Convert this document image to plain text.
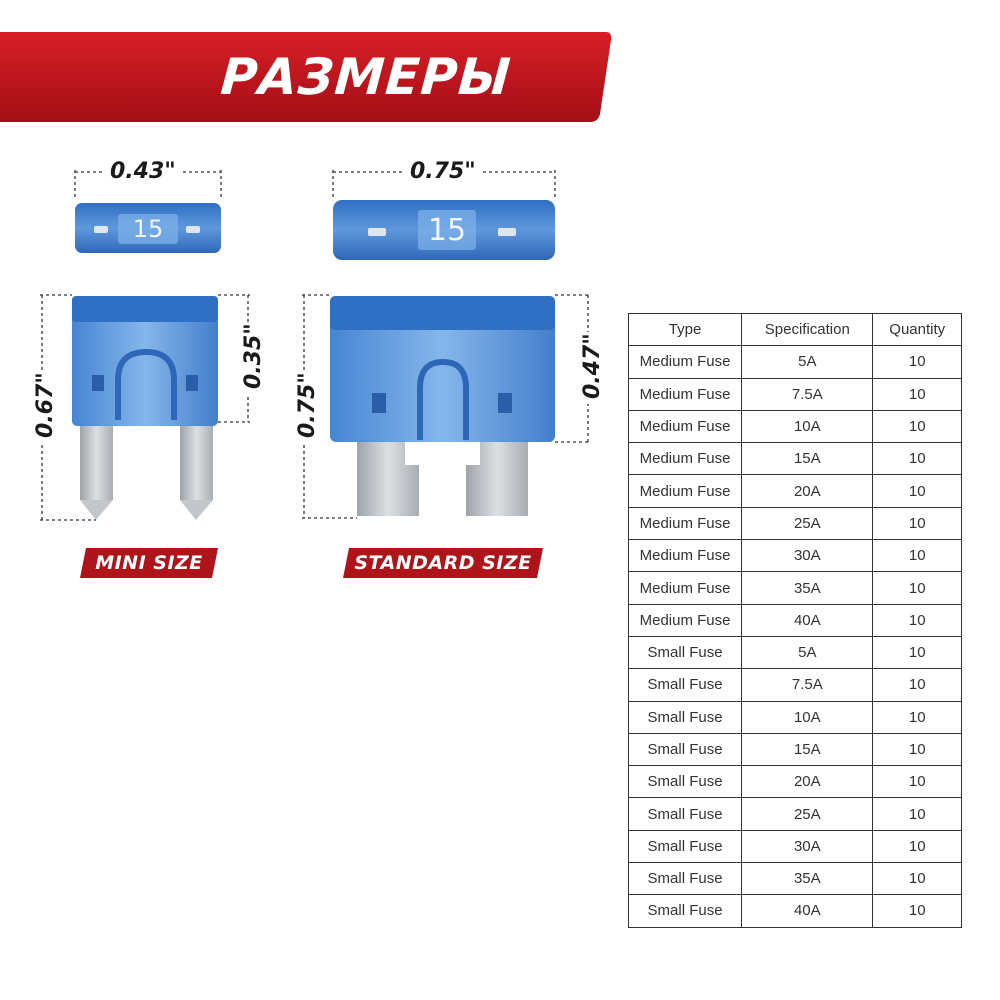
РАЗМЕРЫ
15	15
0.43"	0.75"
0.67"
0.35"
0.75"
0.47"
MINI SIZE	STANDARD SIZE
Type	Specification	Quantity
Medium Fuse	5A	10
Medium Fuse	7.5A	10
Medium Fuse	10A	10
Medium Fuse	15A	10
Medium Fuse	20A	10
Medium Fuse	25A	10
Medium Fuse	30A	10
Medium Fuse	35A	10
Medium Fuse	40A	10
Small Fuse	5A	10
Small Fuse	7.5A	10
Small Fuse	10A	10
Small Fuse	15A	10
Small Fuse	20A	10
Small Fuse	25A	10
Small Fuse	30A	10
Small Fuse	35A	10
Small Fuse	40A	10
